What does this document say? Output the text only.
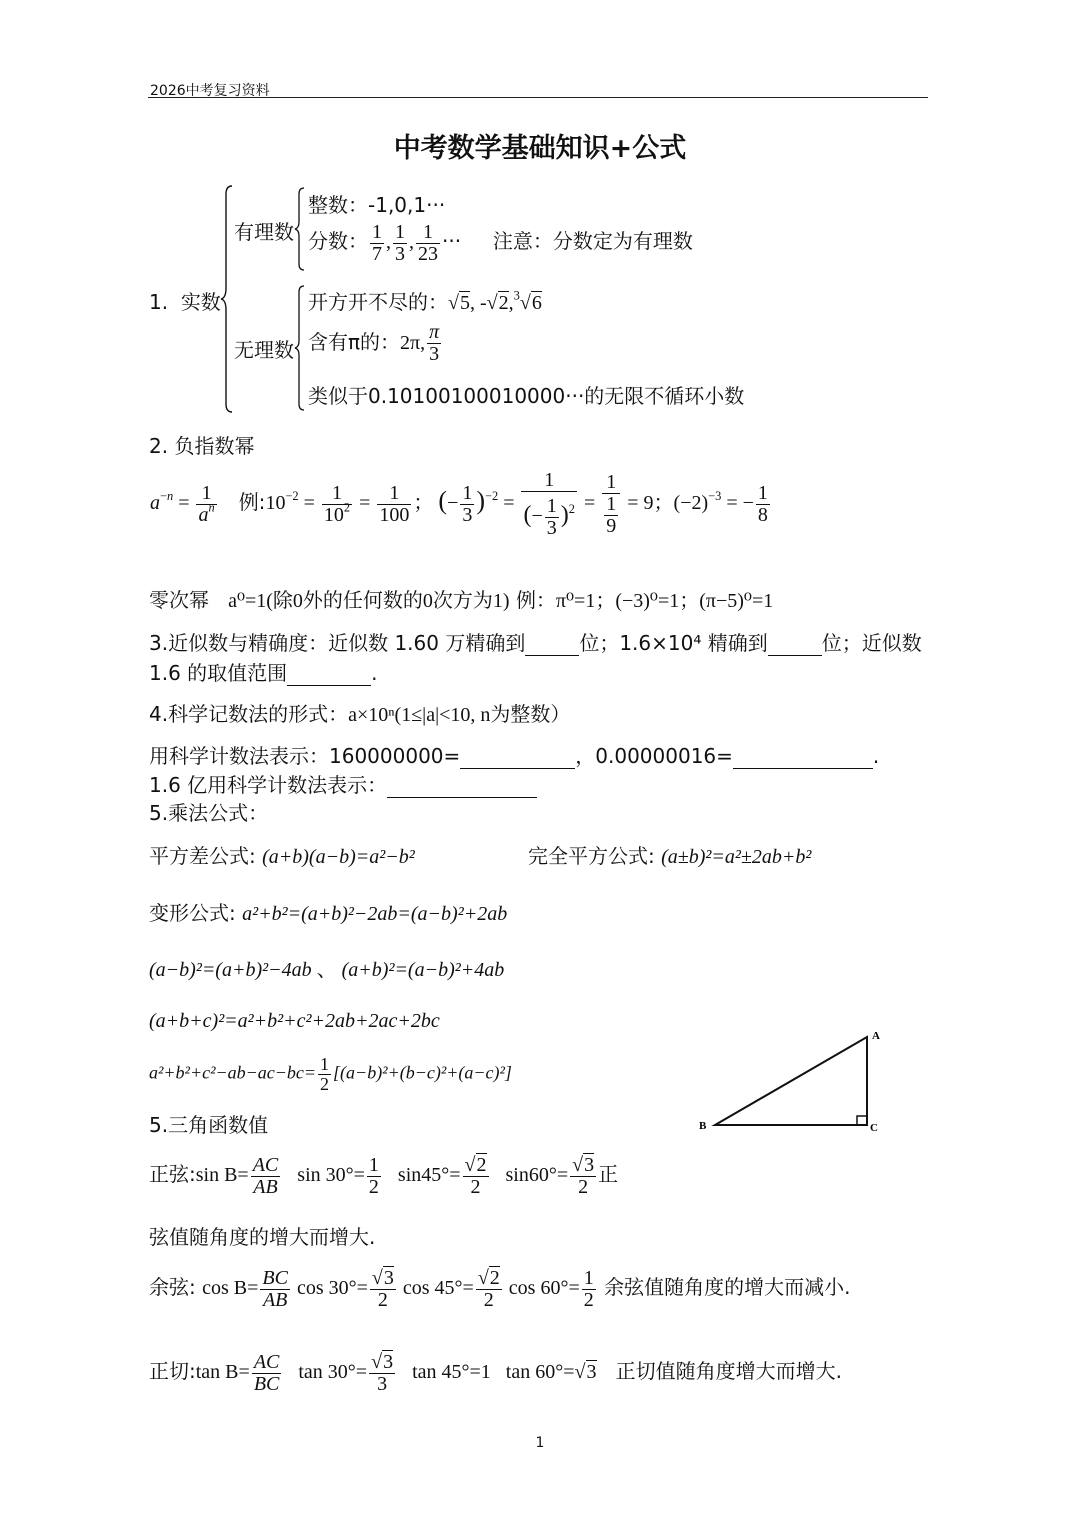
2026中考复习资料
中考数学基础知识+公式
1. 实数
有理数
整数：-1,0,1···
分数： $\frac{1}{7}$ , $\frac{1}{3}$ , $\frac{1}{23}$ ··· 注意：分数定为有理数
无理数
开方开不尽的：√5, -√2,$^3$√6
含有π的：2π, $\frac{\pi}{3}$
类似于0.10100100010000···的无限不循环小数
2. 负指数幂
$a^{-n} = \frac{1}{a^n}$ 例$:10^{-2} = \frac{1}{10^2} = \frac{1}{100}$ ； (− $\frac{1}{3} )^{-2} = \frac{1}{(- \frac{1}{3} )^2} = 1$
1
9 = 9；$(-2)^{-3}$ = − $\frac{1}{8}$
零次幂 a⁰=1(除0外的任何数的0次方为1) 例：π⁰=1；(−3)⁰=1；(π−5)⁰=1
3.近似数与精确度：近似数 1.60 万精确到	位；1.6×10⁴ 精确到	位；近似数
1.6 的取值范围	.
4.科学记数法的形式：a×10ⁿ(1≤|a|<10, n为整数）
用科学计数法表示：160000000=	，0.00000016=	.
1.6 亿用科学计数法表示：
5.乘法公式：
平方差公式: (a+b)(a−b)=a²−b²	完全平方公式: (a±b)²=a²±2ab+b²
变形公式: a²+b²=(a+b)²−2ab=(a−b)²+2ab
(a−b)²=(a+b)²−4ab 、 (a+b)²=(a−b)²+4ab
(a+b+c)²=a²+b²+c²+2ab+2ac+2bc
$a^2+b^2+c^2-ab-ac-bc= \frac{1}{2} [(a-b)^2+(b-c)^2+(a-c)^2]$
A
B	C
5.三角函数值
正弦:sin $B= \frac{AC}{AB}$ $\sin 30^\circ= \frac{1}{2} \sin 45^\circ= \frac{√2}{2} \sin 60^\circ= \frac{√3}{2}$ 正
弦值随角度的增大而增大.
余弦: $\cos B= \frac{BC}{AB}$ $\cos 30^\circ= \frac{√3}{2}$ $\cos 45^\circ= \frac{√2}{2}$ $\cos 60^\circ= \frac{1}{2}$ 余弦值随角度的增大而减小.
正切:tan $B= \frac{AC}{BC}$ $\tan 30^\circ= \frac{√3}{3}$ tan 45°=1 tan 60°=√3 正切值随角度增大而增大.
1
